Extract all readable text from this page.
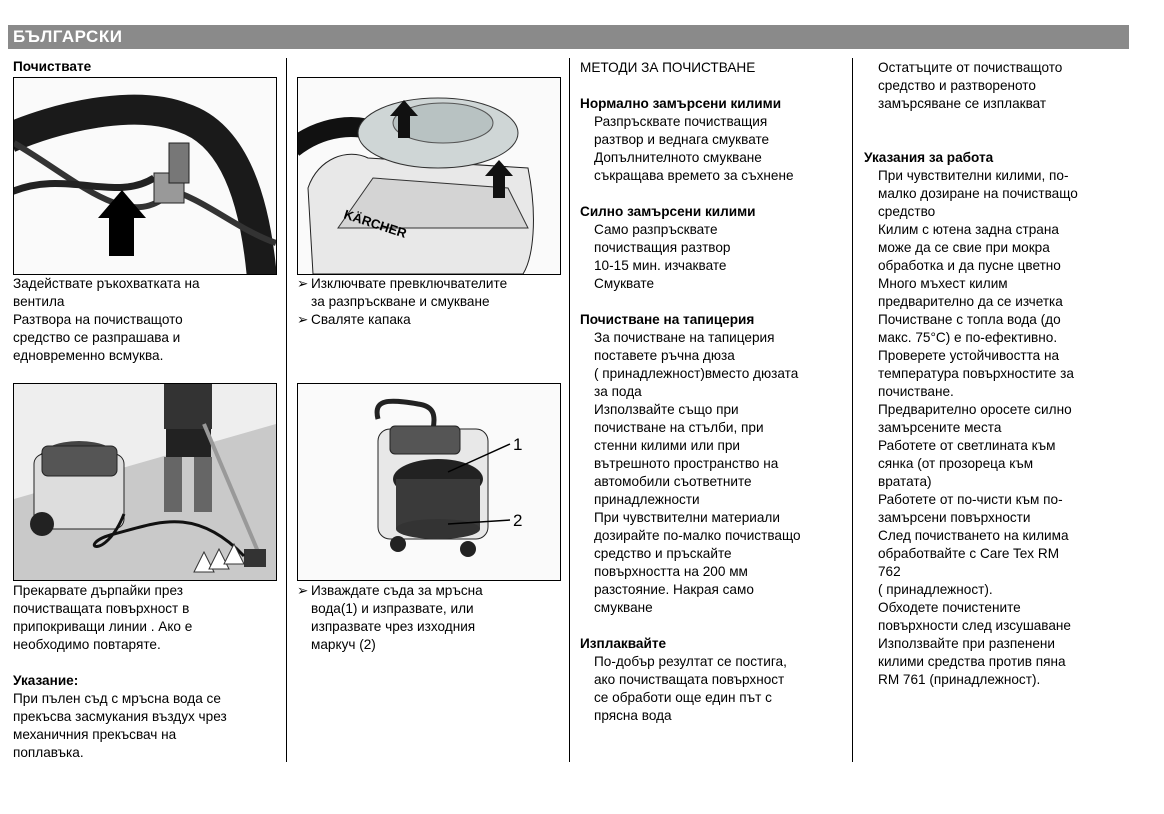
БЪЛГАРСКИ
Почиствате
Задействате ръкохватката на
вентила
Разтвора на почистващото
средство се разпрашава и
едновременно всмуква.
Прекарвате дърпайки през
почистващата повърхност в
припокриващи линии . Ако е
необходимо повтаряте.
Указание:
При пълен съд с мръсна вода се
прекъсва засмукания въздух чрез
механичния прекъсвач на
поплавъка.
KÄRCHER
➢ Изключвате превключвателите
за разпръскване и смукване
➢ Сваляте капака
1
2
➢ Изваждате съда за мръсна
вода(1) и изпразвате, или
изпразвате чрез изходния
маркуч (2)
МЕТОДИ ЗА ПОЧИСТВАНЕ
Нормално замърсени килими
Разпръсквате почистващия
разтвор и веднага смуквате
Допълнителното смукване
съкращава времето за съхнене
Силно замърсени килими
Само разпръсквате
почистващия разтвор
10-15 мин. изчаквате
Смуквате
Почистване на тапицерия
За почистване на тапицерия
поставете ръчна дюза
( принадлежност)вместо дюзата
за пода
Използвайте също при
почистване на стълби, при
стенни килими или при
вътрешното пространство на
автомобили съответните
принадлежности
При чувствителни материали
дозирайте по-малко почистващо
средство и пръскайте
повърхността на 200 мм
разстояние. Накрая само
смукване
Изплаквайте
По-добър резултат се постига,
ако почистващата повърхност
се обработи още един път с
прясна вода
Остатъците от почистващото
средство и разтвореното
замърсяване се изплакват
Указания за работа
При чувствителни килими, по-
малко дозиране на почистващо
средство
Килим с ютена задна страна
може да се свие при мокра
обработка и да пусне цветно
Много мъхест килим
предварително да се изчетка
Почистване с топла вода (до
макс. 75°C) е по-ефективно.
Проверете устойчивостта на
температура повърхностите за
почистване.
Предварително оросете силно
замърсените места
Работете от светлината към
сянка (от прозореца към
вратата)
Работете от по-чисти към по-
замърсени повърхности
След почистването на килима
обработвайте с Care Tex RM
762
( принадлежност).
Обходете почистените
повърхности след изсушаване
Използвайте при разпенени
килими средства против пяна
RM 761 (принадлежност).
